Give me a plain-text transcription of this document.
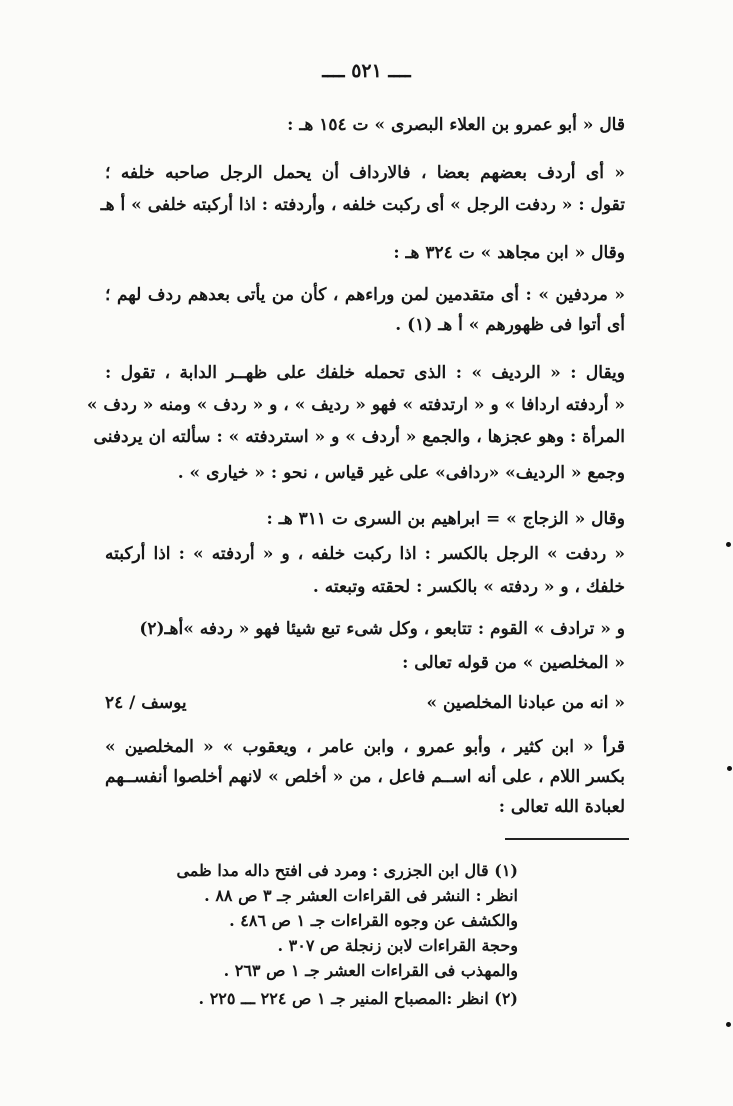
ــــ ٥٢١ ــــ
قال « أبو عمرو بن العلاء البصرى » ت ١٥٤ هـ :
« أى أردف بعضهم بعضا ، فالارداف أن يحمل الرجل صاحبه خلفه ؛
تقول : « ردفت الرجل » أى ركبت خلفه ، وأردفته : اذا أركبته خلفى » أ هـ
وقال « ابن مجاهد » ت ٣٢٤ هـ :
« مردفين » : أى متقدمين لمن وراءهم ، كأن من يأتى بعدهم ردف لهم ؛
أى أتوا فى ظهورهم » أ هـ (١) .
ويقال : « الرديف » : الذى تحمله خلفك على ظهــر الدابة ، تقول :
« أردفته اردافا » و « ارتدفته » فهو « رديف » ، و « ردف » ومنه « ردف »
المرأة : وهو عجزها ، والجمع « أردف » و « استردفته » : سألته ان يردفنى
وجمع « الرديف» «ردافى» على غير قياس ، نحو : « خيارى » .
وقال « الزجاج » = ابراهيم بن السرى ت ٣١١ هـ :
« ردفت » الرجل بالكسر : اذا ركبت خلفه ، و « أردفته » : اذا أركبته
خلفك ، و « ردفته » بالكسر : لحقته وتبعته .
و « ترادف » القوم : تتابعو ، وكل شىء تبع شيئا فهو « ردفه »أهـ(٢)
« المخلصين » من قوله تعالى :
« انه من عبادنا المخلصين »
يوسف / ٢٤
قرأ « ابن كثير ، وأبو عمرو ، وابن عامر ، ويعقوب » « المخلصين »
بكسر اللام ، على أنه اســم فاعل ، من « أخلص » لانهم أخلصوا أنفســهم
لعبادة الله تعالى :
(١) قال ابن الجزرى : ومرد فى افتح داله مدا ظمى
انظر : النشر فى القراءات العشر جـ ٣ ص ٨٨ .
والكشف عن وجوه القراءات جـ ١ ص ٤٨٦ .
وحجة القراءات لابن زنجلة ص ٣٠٧ .
والمهذب فى القراءات العشر جـ ١ ص ٢٦٣ .
(٢) انظر :المصباح المنير جـ ١ ص ٢٢٤ ـــ ٢٢٥ .
